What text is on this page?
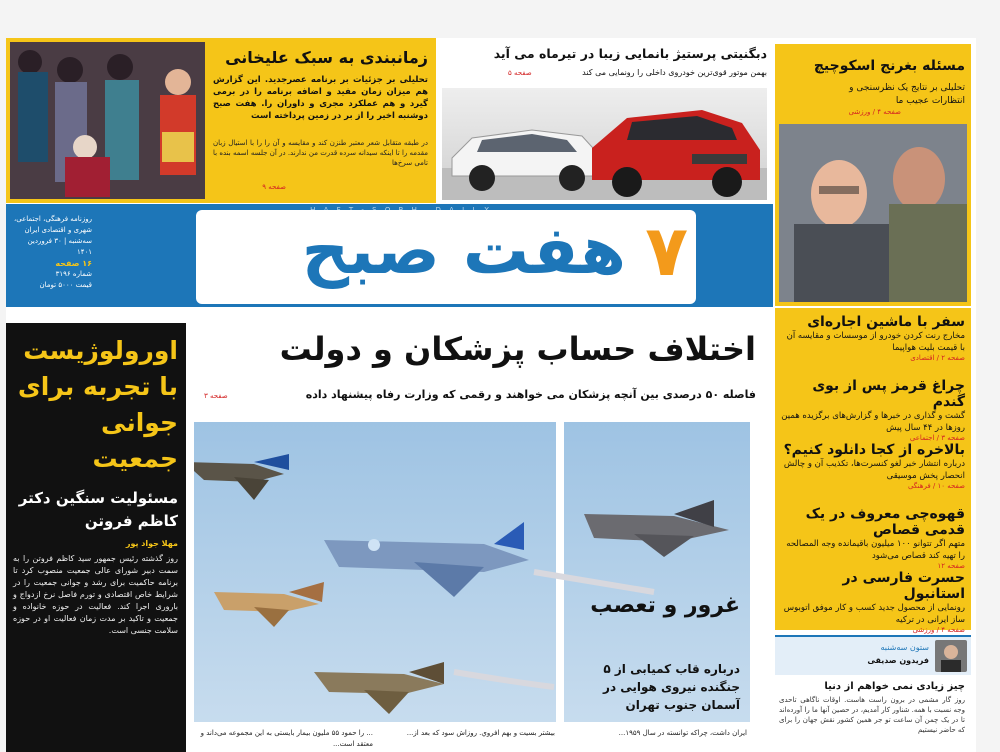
زمانبندی به سبک علیخانی
تحلیلی بر جزئیات بر برنامه عصرجدید. این گزارش هم میزان زمان مفید و اضافه برنامه را در برمی گیرد و هم عملکرد مجری و داوران را. هفت صبح دوشنبه اخیر را از بر در زمین پرداخته است
در طبقه متقابل شعر معتبر طنزن کند و مقایسه و آن را را با استیال زبان مقدمه را تا اینکه سیدانه سرده قدرت من ندارند. در آن جلسه اسمه بنده با تامی سرخ‌ها
صفحه ۹
دبگنیتی پرستیژ بانمایی زیبا در تیرماه می آید
بهمن موتور قوی‌ترین خودروی داخلی را رونمایی می کند
صفحه ۵	مسئله بغرنج اسکوچیچ
تحلیلی بر نتایج یک نظرسنجی و انتظارات عجیب ما
صفحه ۴ / ورزشی
روزنامه فرهنگی، اجتماعی،
شهری و اقتصادی ایران
سه‌شنبه | ۳۰ فروردین ۱۴۰۱
۱۶ صفحه
شماره ۳۱۹۶
قیمت ۵۰۰۰ تومان	هفت صبح ۷
اورولوژیست با تجربه برای جوانی جمعیت
مسئولیت سنگین دکتر کاظم فروتن
مهلا جواد پور
روز گذشته رئیس جمهور سید کاظم فروتن را به سمت دبیر شورای عالی جمعیت منصوب کرد تا برنامه حاکمیت برای رشد و جوانی جمعیت را در شرایط خاص اقتصادی و تورم فاصل نرخ ازدواج و باروری اجرا کند. فعالیت در حوزه خانواده و جمعیت و تاکید بر مدت زمان فعالیت او در حوزه سلامت جنسی است.
اختلاف حساب پزشکان و دولت
فاصله ۵۰ درصدی بین آنچه پزشکان می خواهند و رقمی که وزارت رفاه پیشنهاد داده
صفحه ۳
غرور و تعصب
درباره قاب کمیابی از ۵ جنگنده نیروی هوایی در آسمان جنوب تهران
... را حمود ۵۵ ملیون بیمار بایستی به این مجموعه می‌داند و معتقد است...
بيشتر بسيت و بهم افروي. روزاش سود كه بعد از...	ایران داشت، چراکه توانسته در سال ۱۹۵۹...
سفر با ماشین اجاره‌ای
مخارج رنت کردن خودرو از موسسات و مقایسه آن با قیمت بلیت هواپیما
صفحه ۲ / اقتصادی
چراغ قرمز پس از بوی گندم
گشت و گذاری در خبرها و گزارش‌های برگزیده همین روزها در ۴۴ سال پیش
صفحه ۳ / اجتماعی
بالاخره از کجا دانلود کنیم؟
درباره انتشار خبر لغو کنسرت‌ها، تکذیب آن و چالش انحصار پخش موسیقی
صفحه ۱۰ / فرهنگی
قهوه‌چی معروف در یک قدمی قصاص
متهم اگر تتوانو ۱۰۰ میلیون باقیمانده وجه المصالحه را تهیه کند قصاص می‌شود
صفحه ۱۲
حسرت فارسی در استانبول
رونمایی از محصول جدید کسب و کار موفق اتوبوس ساز ایرانی در ترکیه
صفحه ۴ / ورزشی
ستون سه‌شنبه
فریدون صدیقی
چیز زیادی نمی خواهم از دنیا
روز گار مشمی در برون راست هاست. اوقات ناگاهی تاحدی وجه نسبت با همه. شناور کار آمدیم، در حصین آنها ما را آورده‌اند تا در یک چمن آن ساعت تو جر همین کشور نقش جهان را برای که حاضر نیستیم
